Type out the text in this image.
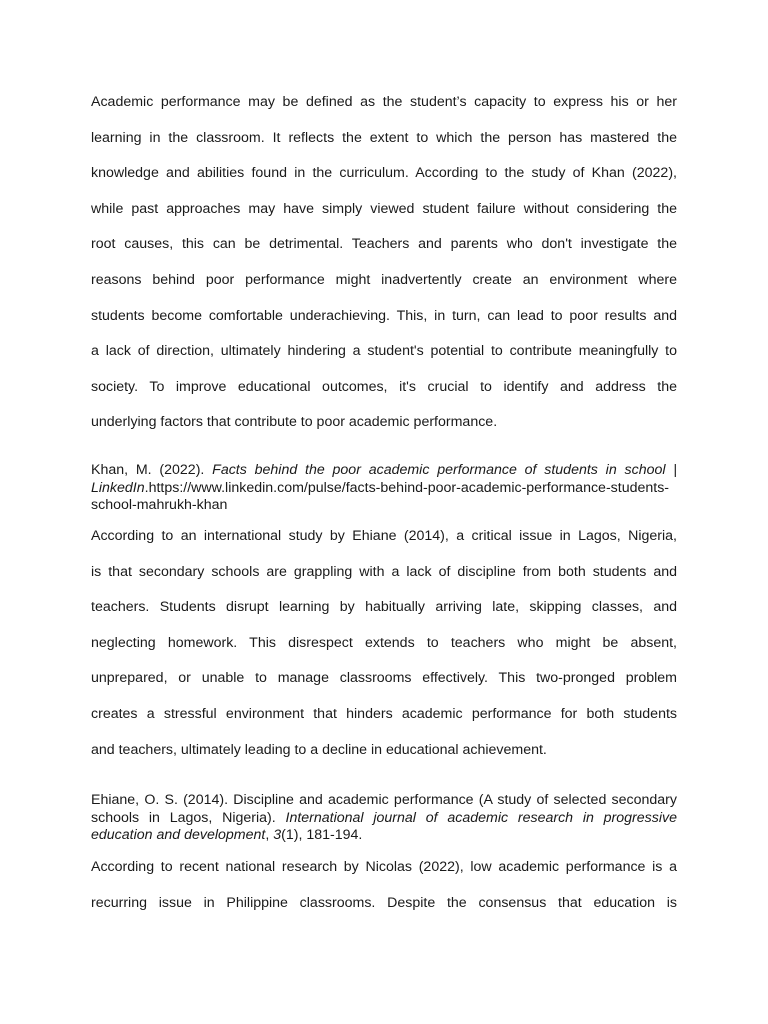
Academic performance may be defined as the student’s capacity to express his or her

learning in the classroom. It reflects the extent to which the person has mastered the

knowledge and abilities found in the curriculum. According to the study of Khan (2022),

while past approaches may have simply viewed student failure without considering the

root causes, this can be detrimental. Teachers and parents who don't investigate the

reasons behind poor performance might inadvertently create an environment where

students become comfortable underachieving. This, in turn, can lead to poor results and

a lack of direction, ultimately hindering a student's potential to contribute meaningfully to

society. To improve educational outcomes, it's crucial to identify and address the

underlying factors that contribute to poor academic performance.

Khan, M. (2022). Facts behind the poor academic performance of students in school | LinkedIn.https://www.linkedin.com/pulse/facts-behind-poor-academic-performance-students-school-mahrukh-khan

According to an international study by Ehiane (2014), a critical issue in Lagos, Nigeria,

is that secondary schools are grappling with a lack of discipline from both students and

teachers. Students disrupt learning by habitually arriving late, skipping classes, and

neglecting homework. This disrespect extends to teachers who might be absent,

unprepared, or unable to manage classrooms effectively. This two-pronged problem

creates a stressful environment that hinders academic performance for both students

and teachers, ultimately leading to a decline in educational achievement.

Ehiane, O. S. (2014). Discipline and academic performance (A study of selected secondary schools in Lagos, Nigeria). International journal of academic research in progressive education and development, 3(1), 181-194.

According to recent national research by Nicolas (2022), low academic performance is a

recurring issue in Philippine classrooms. Despite the consensus that education is
